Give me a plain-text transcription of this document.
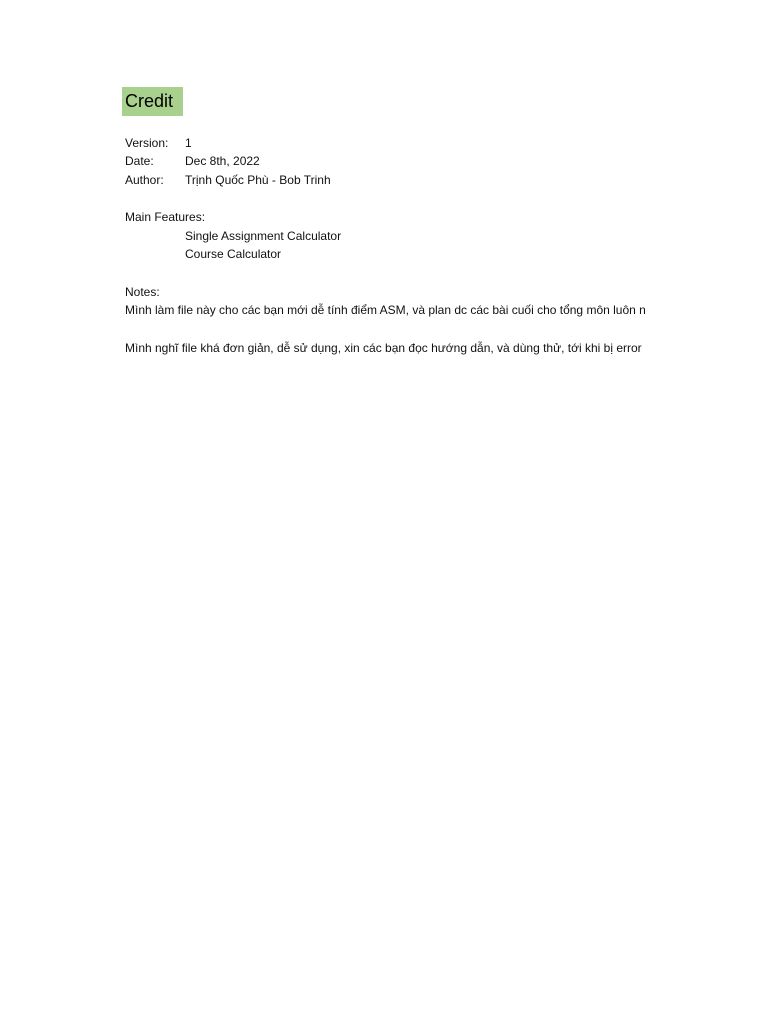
Credit
Version: 1
Date:	Dec 8th, 2022
Author: Trịnh Quốc Phù - Bob Trinh
Main Features:
Single Assignment Calculator
Course Calculator
Notes:
Mình làm file này cho các bạn mới dễ tính điểm ASM, và plan dc các bài cuối cho tổng môn luôn n
Mình nghĩ file khá đơn giản, dễ sử dụng, xin các bạn đọc hướng dẫn, và dùng thử, tới khi bị error
